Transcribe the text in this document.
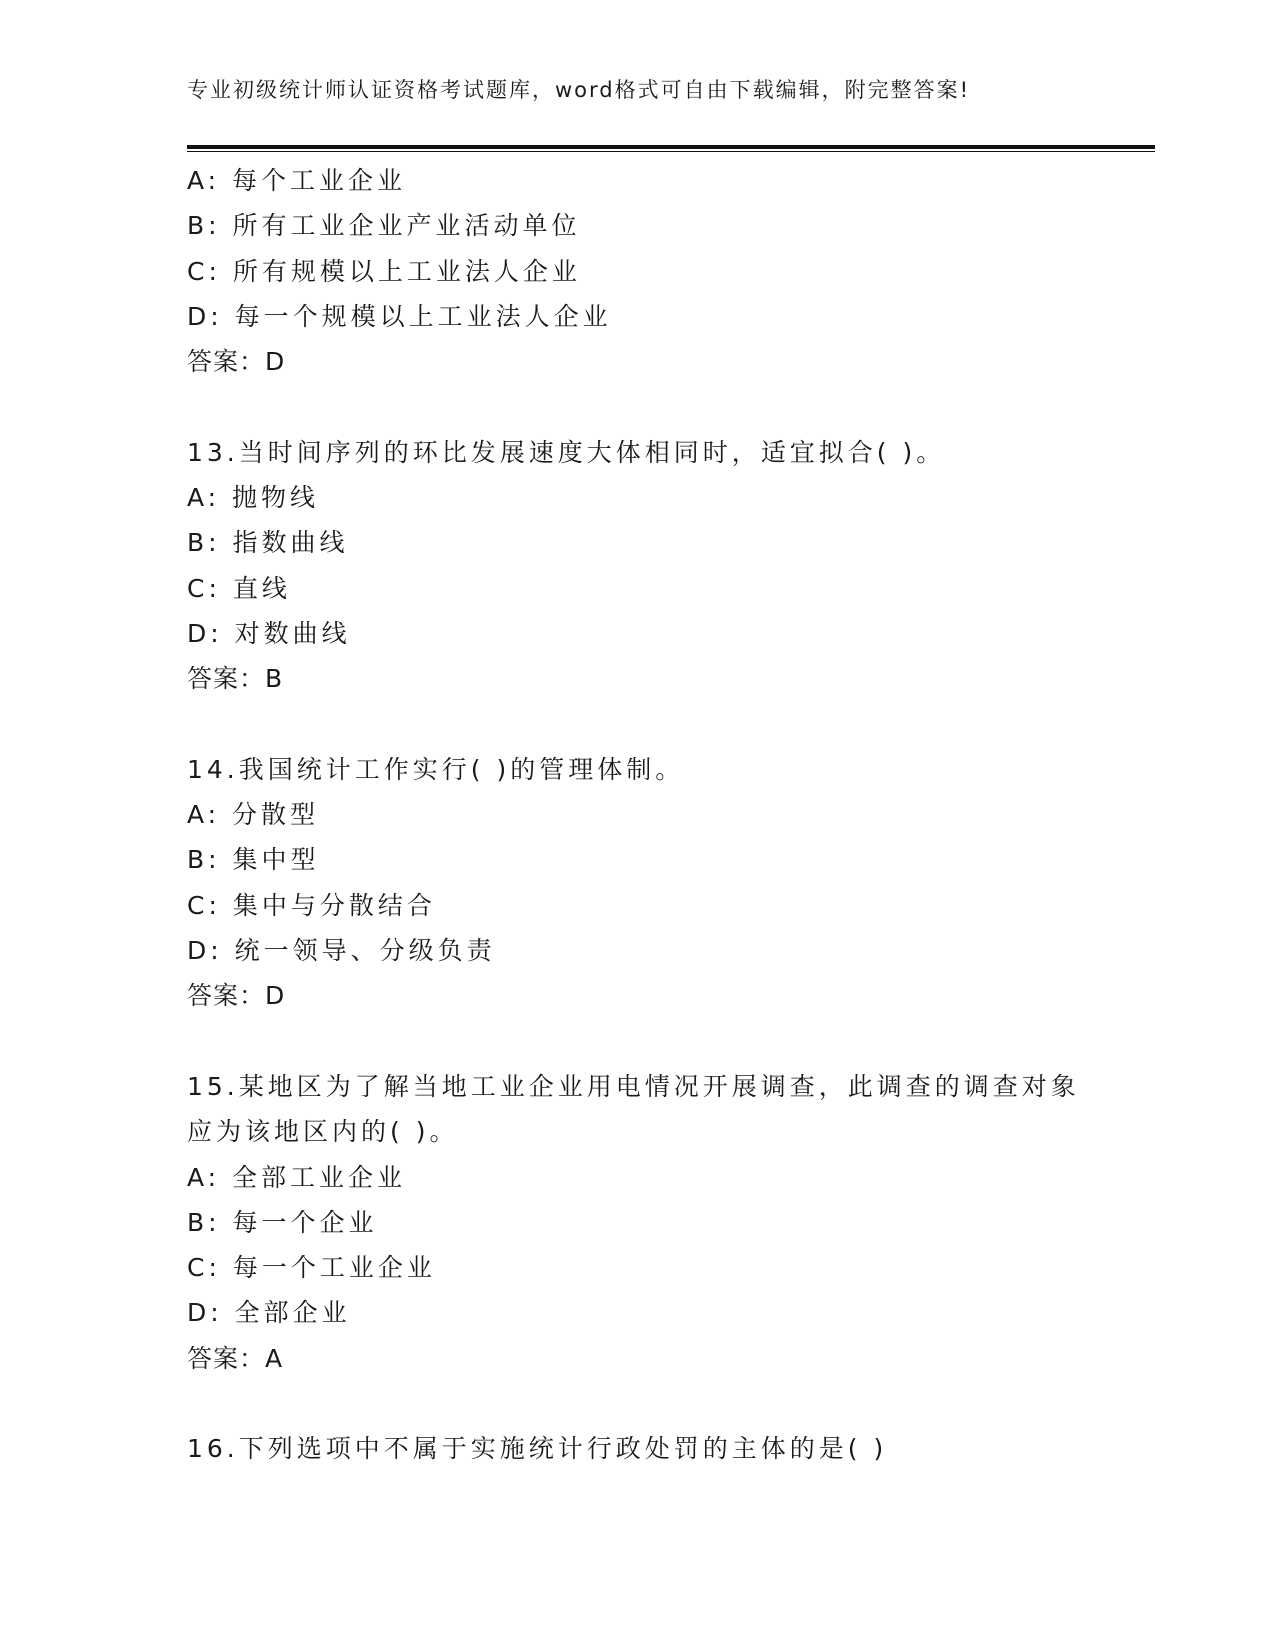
专业初级统计师认证资格考试题库，word格式可自由下载编辑，附完整答案!
A: 每个工业企业
B: 所有工业企业产业活动单位
C: 所有规模以上工业法人企业
D: 每一个规模以上工业法人企业
答案：D
13.当时间序列的环比发展速度大体相同时，适宜拟合( )。
A: 抛物线
B: 指数曲线
C: 直线
D: 对数曲线
答案：B
14.我国统计工作实行( )的管理体制。
A: 分散型
B: 集中型
C: 集中与分散结合
D: 统一领导、分级负责
答案：D
15.某地区为了解当地工业企业用电情况开展调查，此调查的调查对象
应为该地区内的( )。
A: 全部工业企业
B: 每一个企业
C: 每一个工业企业
D: 全部企业
答案：A
16.下列选项中不属于实施统计行政处罚的主体的是( )
